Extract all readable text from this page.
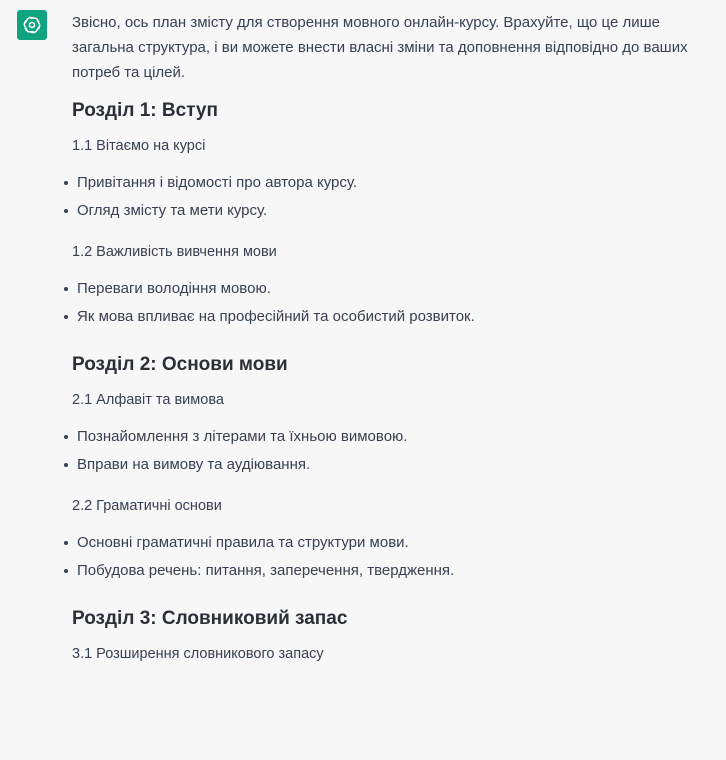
Звісно, ось план змісту для створення мовного онлайн-курсу. Врахуйте, що це лише загальна структура, і ви можете внести власні зміни та доповнення відповідно до ваших потреб та цілей.

Розділ 1: Вступ

1.1 Вітаємо на курсі

Привітання і відомості про автора курсу.
Огляд змісту та мети курсу.

1.2 Важливість вивчення мови

Переваги володіння мовою.
Як мова впливає на професійний та особистий розвиток.
Розділ 2: Основи мови

2.1 Алфавіт та вимова

Познайомлення з літерами та їхньою вимовою.
Вправи на вимову та аудіювання.

2.2 Граматичні основи

Основні граматичні правила та структури мови.
Побудова речень: питання, заперечення, твердження.
Розділ 3: Словниковий запас

3.1 Розширення словникового запасу
